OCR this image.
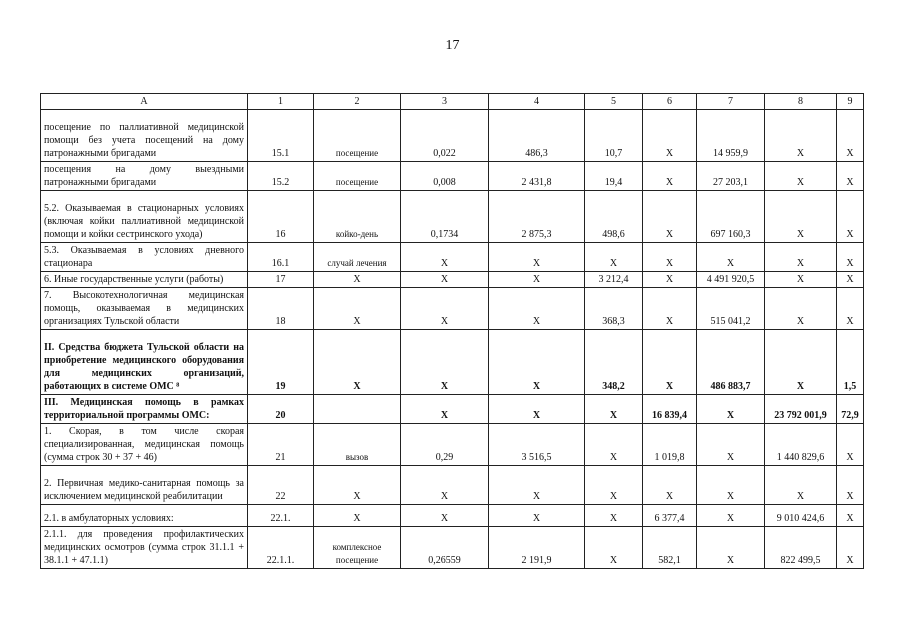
17
А	1	2	3	4	5	6	7	8	9
посещение по паллиативной медицинской помощи без учета посещений на дому патронажными бригадами	15.1	посещение	0,022	486,3	10,7	X	14 959,9	X	X
посещения на дому выездными патронажными бригадами	15.2	посещение	0,008	2 431,8	19,4	X	27 203,1	X	X
5.2. Оказываемая в стационарных условиях (включая койки паллиативной медицинской помощи и койки сестринского ухода)	16	койко-день	0,1734	2 875,3	498,6	X	697 160,3	X	X
5.3. Оказываемая в условиях дневного стационара	16.1	случай лечения	X	X	X	X	X	X	X
6. Иные государственные услуги (работы)	17	X	X	X	3 212,4	X	4 491 920,5	X	X
7. Высокотехнологичная медицинская помощь, оказываемая в медицинских организациях Тульской области	18	X	X	X	368,3	X	515 041,2	X	X
II. Средства бюджета Тульской области на приобретение медицинского оборудования для медицинских организаций, работающих в системе ОМС ⁸	19	X	X	X	348,2	X	486 883,7	X	1,5
III. Медицинская помощь в рамках территориальной программы ОМС:	20		X	X	X	16 839,4	X	23 792 001,9	72,9
1. Скорая, в том числе скорая специализированная, медицинская помощь (сумма строк 30 + 37 + 46)	21	вызов	0,29	3 516,5	X	1 019,8	X	1 440 829,6	X
2. Первичная медико-санитарная помощь за исключением медицинской реабилитации	22	X	X	X	X	X	X	X	X
2.1. в амбулаторных условиях:	22.1.	X	X	X	X	6 377,4	X	9 010 424,6	X
2.1.1. для проведения профилактических медицинских осмотров (сумма строк 31.1.1 + 38.1.1 + 47.1.1)	22.1.1.	комплексное посещение	0,26559	2 191,9	X	582,1	X	822 499,5	X
